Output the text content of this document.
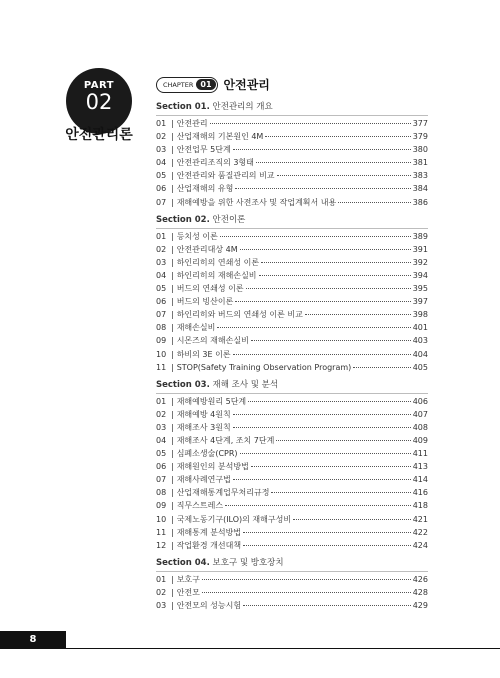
PART
02
안전관리론
CHAPTER 01	안전관리
Section 01. 안전관리의 개요
01 | 안전관리	377
02 | 산업재해의 기본원인 4M	379
03 | 안전업무 5단계	380
04 | 안전관리조직의 3형태	381
05 | 안전관리와 품질관리의 비교	383
06 | 산업재해의 유형	384
07 | 재해예방을 위한 사전조사 및 작업계획서 내용	386
Section 02. 안전이론
01 | 등치성 이론	389
02 | 안전관리대상 4M	391
03 | 하인리히의 연쇄성 이론	392
04 | 하인리히의 재해손실비	394
05 | 버드의 연쇄성 이론	395
06 | 버드의 빙산이론	397
07 | 하인리히와 버드의 연쇄성 이론 비교	398
08 | 재해손실비	401
09 | 시몬즈의 재해손실비	403
10 | 하비의 3E 이론	404
11 | STOP(Safety Training Observation Program)	405
Section 03. 재해 조사 및 분석
01 | 재해예방원리 5단계	406
02 | 재해예방 4원칙	407
03 | 재해조사 3원칙	408
04 | 재해조사 4단계, 조치 7단계	409
05 | 심폐소생술(CPR)	411
06 | 재해원인의 분석방법	413
07 | 재해사례연구법	414
08 | 산업재해통계업무처리규정	416
09 | 직무스트레스	418
10 | 국제노동기구(ILO)의 재해구성비	421
11 | 재해통계 분석방법	422
12 | 작업환경 개선대책	424
Section 04. 보호구 및 방호장치
01 | 보호구	426
02 | 안전모	428
03 | 안전모의 성능시험	429
8
